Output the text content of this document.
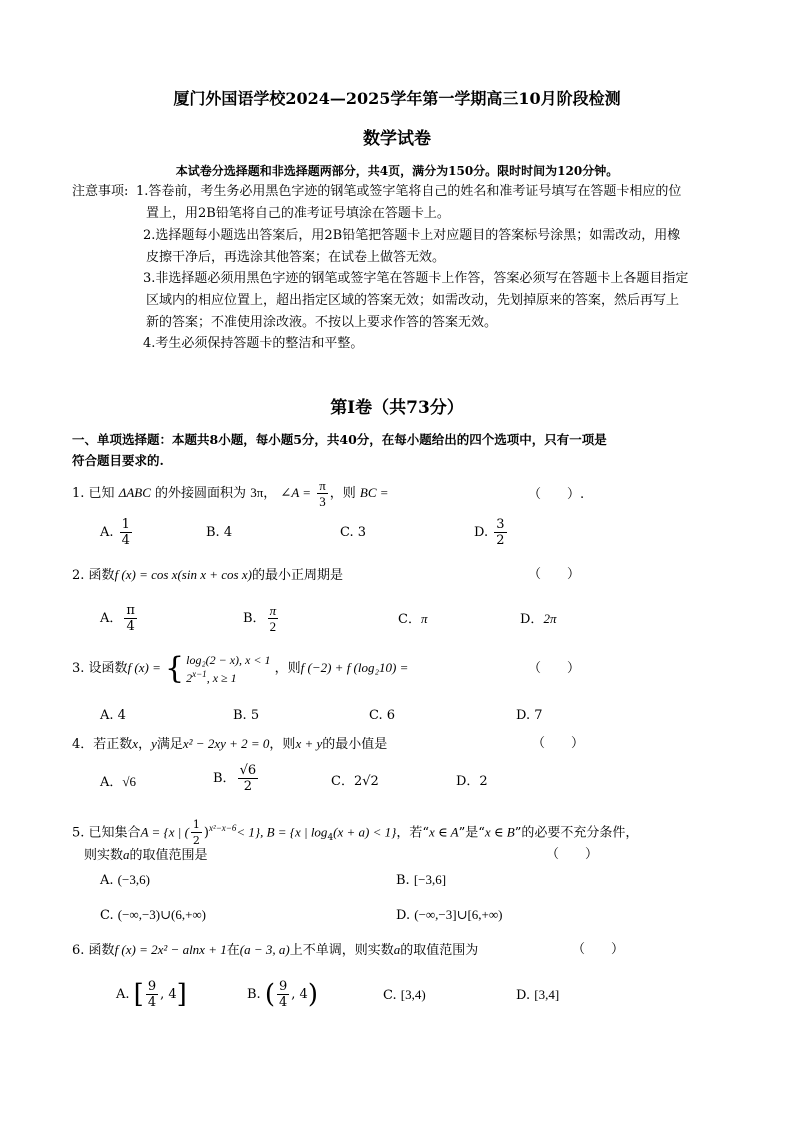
厦门外国语学校2024—2025学年第一学期高三10月阶段检测
数学试卷
本试卷分选择题和非选择题两部分，共4页，满分为150分。限时时间为120分钟。
注意事项: 1.答卷前，考生务必用黑色字迹的钢笔或签字笔将自己的姓名和准考证号填写在答题卡相应的位
置上，用2B铅笔将自己的准考证号填涂在答题卡上。
2.选择题每小题选出答案后，用2B铅笔把答题卡上对应题目的答案标号涂黑；如需改动，用橡
皮擦干净后，再选涂其他答案；在试卷上做答无效。
3.非选择题必须用黑色字迹的钢笔或签字笔在答题卡上作答，答案必须写在答题卡上各题目指定
区域内的相应位置上，超出指定区域的答案无效；如需改动，先划掉原来的答案，然后再写上
新的答案；不准使用涂改液。不按以上要求作答的答案无效。
4.考生必须保持答题卡的整洁和平整。
第Ⅰ卷（共73分）
一、单项选择题：本题共8小题，每小题5分，共40分，在每小题给出的四个选项中，只有一项是
符合题目要求的.
1. 已知 ΔABC 的外接圆面积为 3π， ∠A = $\frac{\pi}{3}$ ，则 BC =	（　　）.
A. $\frac{1}{4}$	B. 4	C. 3	D. $\frac{3}{2}$
2. 函数f (x) = cos x(sin x + cos x)的最小正周期是	（　　）
A． $\frac{\pi}{4}$	B． $\frac{\pi}{2}$	C．π	D．2π
3. 设函数f (x) = { log₂(2 − x), x < 1
$2^{x-1}$, x ≥ 1
，则f (−2) + f (log₂10) =	（　　）
A. 4	B. 5	C. 6	D. 7
4．若正数x，y满足x² − 2xy + 2 = 0，则x + y的最小值是	（　　）
A．√6	B． $\frac{√6}{2}$	C．2√2	D．2
5. 已知集合A = {x | ( $\frac{1}{2} )^{x^2-x-6}< 1$}, B = {x | $\log_4(x + a) < 1$}，若“x ∈ A”是“x ∈ B”的必要不充分条件，
则实数a的取值范围是	（　　）
A. (−3,6)	B. [−3,6]
C. (−∞,−3)∪(6,+∞)	D. (−∞,−3]∪[6,+∞)
6. 函数f (x) = 2x² − alnx + 1在(a − 3, a)上不单调，则实数a的取值范围为	（　　）
A. [ $\frac{9}{4}$ , 4]	B. ( $\frac{9}{4}$ , 4)	C. [3,4)	D. [3,4]
